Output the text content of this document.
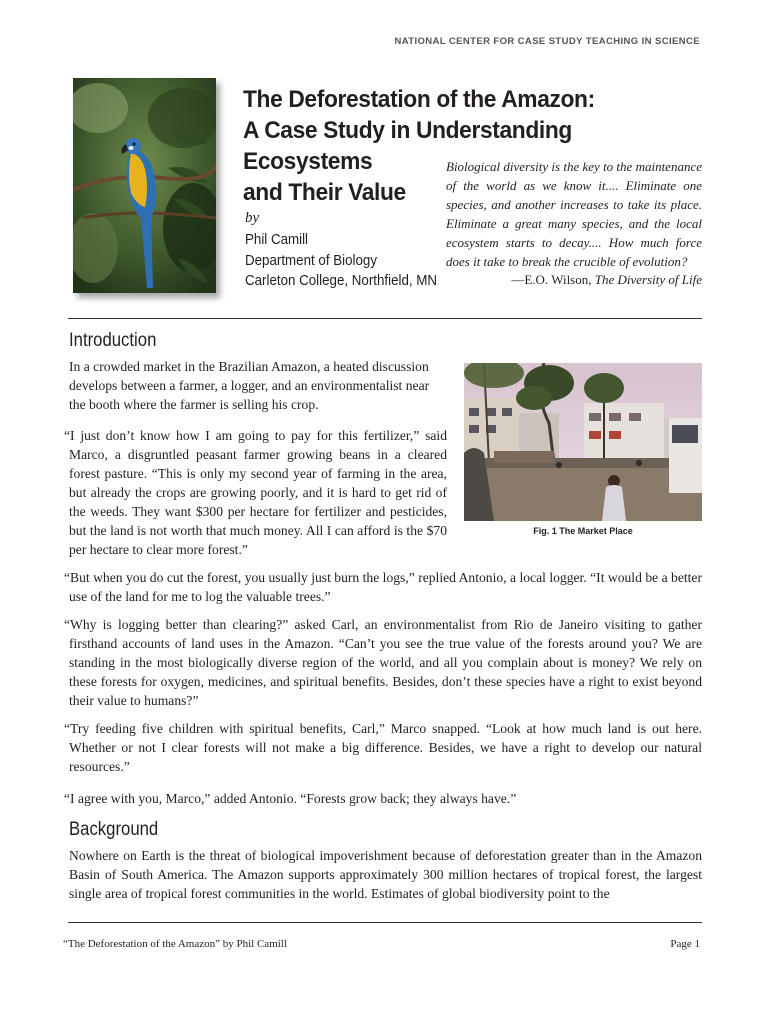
NATIONAL CENTER FOR CASE STUDY TEACHING IN SCIENCE
The Deforestation of the Amazon:
A Case Study in Understanding Ecosystems
and Their Value
by
Phil Camill
Department of Biology
Carleton College, Northfield, MN
Biological diversity is the key to the maintenance of the world as we know it.... Eliminate one species, and another increases to take its place. Eliminate a great many species, and the local ecosystem starts to decay.... How much force does it take to break the crucible of evolution?
—E.O. Wilson, The Diversity of Life
Introduction

In a crowded market in the Brazilian Amazon, a heated discussion develops between a farmer, a logger, and an environmentalist near the booth where the farmer is selling his crop.

“I just don’t know how I am going to pay for this fertilizer,” said Marco, a disgruntled peasant farmer growing beans in a cleared forest pasture. “This is only my second year of farming in the area, but already the crops are growing poorly, and it is hard to get rid of the weeds. They want $300 per hectare for fertilizer and pesticides, but the land is not worth that much money. All I can afford is the $70 per hectare to clear more forest.”

Fig. 1 The Market Place

“But when you do cut the forest, you usually just burn the logs,” replied Antonio, a local logger. “It would be a better use of the land for me to log the valuable trees.”

“Why is logging better than clearing?” asked Carl, an environmentalist from Rio de Janeiro visiting to gather firsthand accounts of land uses in the Amazon. “Can’t you see the true value of the forests around you? We are standing in the most biologically diverse region of the world, and all you complain about is money? We rely on these forests for oxygen, medicines, and spiritual benefits. Besides, don’t these species have a right to exist beyond their value to humans?”

“Try feeding five children with spiritual benefits, Carl,” Marco snapped. “Look at how much land is out here. Whether or not I clear forests will not make a big difference. Besides, we have a right to develop our natural resources.”

“I agree with you, Marco,” added Antonio. “Forests grow back; they always have.”

Background

Nowhere on Earth is the threat of biological impoverishment because of deforestation greater than in the Amazon Basin of South America. The Amazon supports approximately 300 million hectares of tropical forest, the largest single area of tropical forest communities in the world. Estimates of global biodiversity point to the

“The Deforestation of the Amazon” by Phil Camill	Page 1
